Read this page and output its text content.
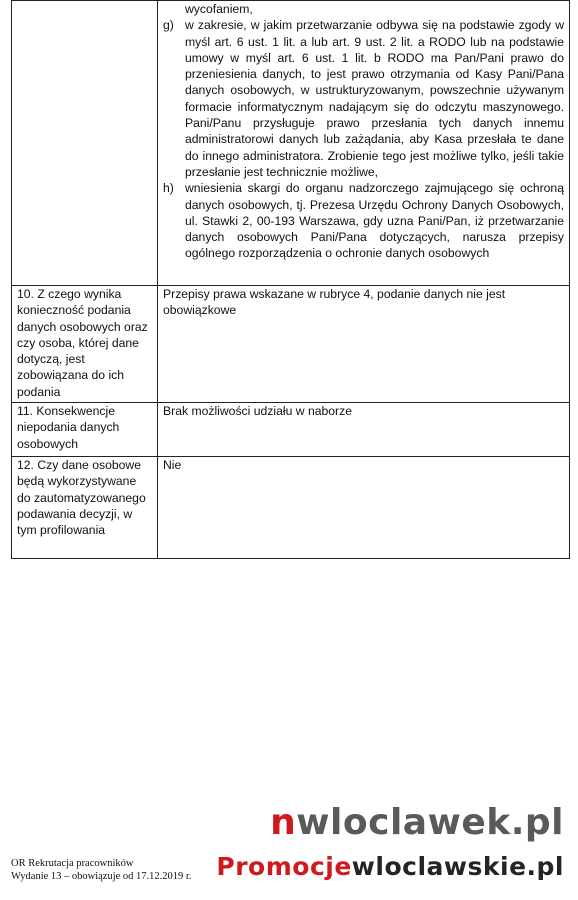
	wycofaniem,
g) w zakresie, w jakim przetwarzanie odbywa się na podstawie zgody w myśl art. 6 ust. 1 lit. a lub art. 9 ust. 2 lit. a RODO lub na podstawie umowy w myśl art. 6 ust. 1 lit. b RODO ma Pan/Pani prawo do przeniesienia danych, to jest prawo otrzymania od Kasy Pani/Pana danych osobowych, w ustrukturyzowanym, powszechnie używanym formacie informatycznym nadającym się do odczytu maszynowego. Pani/Panu przysługuje prawo przesłania tych danych innemu administratorowi danych lub zażądania, aby Kasa przesłała te dane do innego administratora. Zrobienie tego jest możliwe tylko, jeśli takie przesłanie jest technicznie możliwe,
h) wniesienia skargi do organu nadzorczego zajmującego się ochroną danych osobowych, tj. Prezesa Urzędu Ochrony Danych Osobowych, ul. Stawki 2, 00-193 Warszawa, gdy uzna Pani/Pan, iż przetwarzanie danych osobowych Pani/Pana dotyczących, narusza przepisy ogólnego rozporządzenia o ochronie danych osobowych

10. Z czego wynika konieczność podania danych osobowych oraz czy osoba, której dane dotyczą, jest zobowiązana do ich podania	Przepisy prawa wskazane w rubryce 4, podanie danych nie jest obowiązkowe
11. Konsekwencje niepodania danych osobowych	Brak możliwości udziału w naborze
12. Czy dane osobowe będą wykorzystywane do zautomatyzowanego podawania decyzji, w tym profilowania	Nie
nwloclawek.pl
Promocjewloclawskie.pl
OR Rekrutacja pracowników
Wydanie 13 – obowiązuje od 17.12.2019 r.
